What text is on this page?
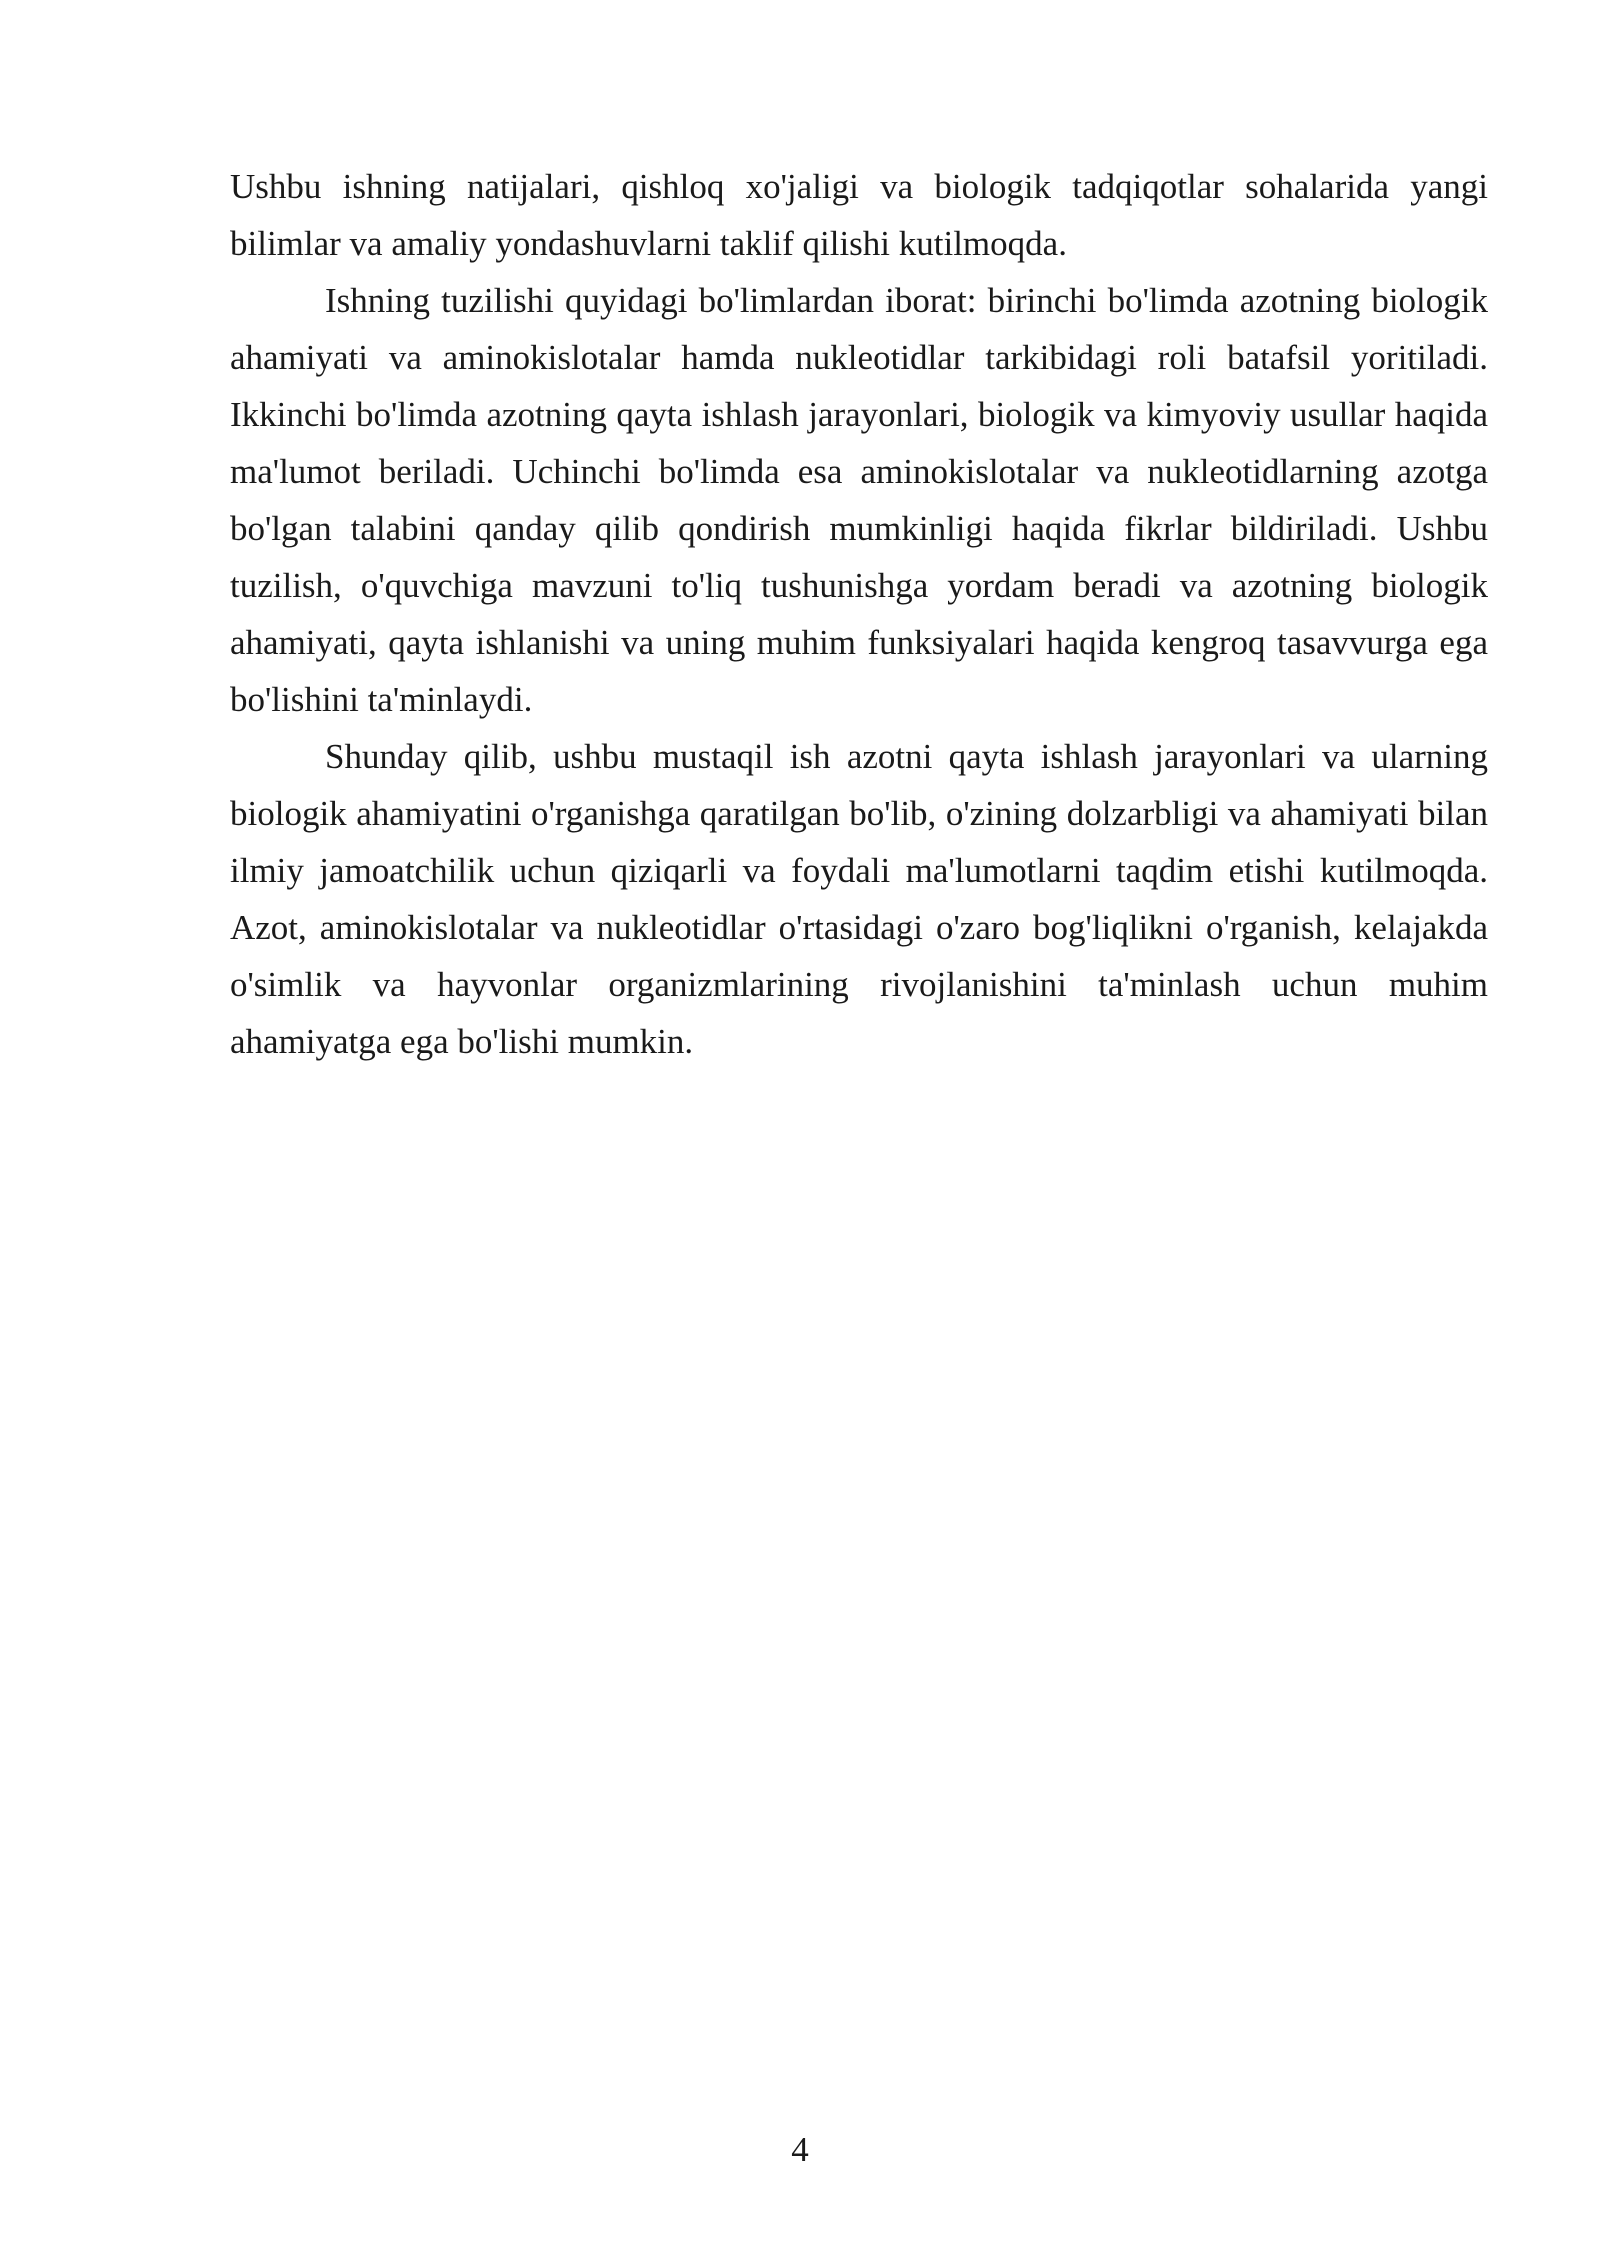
Ushbu ishning natijalari, qishloq xo'jaligi va biologik tadqiqotlar sohalarida yangi bilimlar va amaliy yondashuvlarni taklif qilishi kutilmoqda.

Ishning tuzilishi quyidagi bo'limlardan iborat: birinchi bo'limda azotning biologik ahamiyati va aminokislotalar hamda nukleotidlar tarkibidagi roli batafsil yoritiladi. Ikkinchi bo'limda azotning qayta ishlash jarayonlari, biologik va kimyoviy usullar haqida ma'lumot beriladi. Uchinchi bo'limda esa aminokislotalar va nukleotidlarning azotga bo'lgan talabini qanday qilib qondirish mumkinligi haqida fikrlar bildiriladi. Ushbu tuzilish, o'quvchiga mavzuni to'liq tushunishga yordam beradi va azotning biologik ahamiyati, qayta ishlanishi va uning muhim funksiyalari haqida kengroq tasavvurga ega bo'lishini ta'minlaydi.

Shunday qilib, ushbu mustaqil ish azotni qayta ishlash jarayonlari va ularning biologik ahamiyatini o'rganishga qaratilgan bo'lib, o'zining dolzarbligi va ahamiyati bilan ilmiy jamoatchilik uchun qiziqarli va foydali ma'lumotlarni taqdim etishi kutilmoqda. Azot, aminokislotalar va nukleotidlar o'rtasidagi o'zaro bog'liqlikni o'rganish, kelajakda o'simlik va hayvonlar organizmlarining rivojlanishini ta'minlash uchun muhim ahamiyatga ega bo'lishi mumkin.

4
